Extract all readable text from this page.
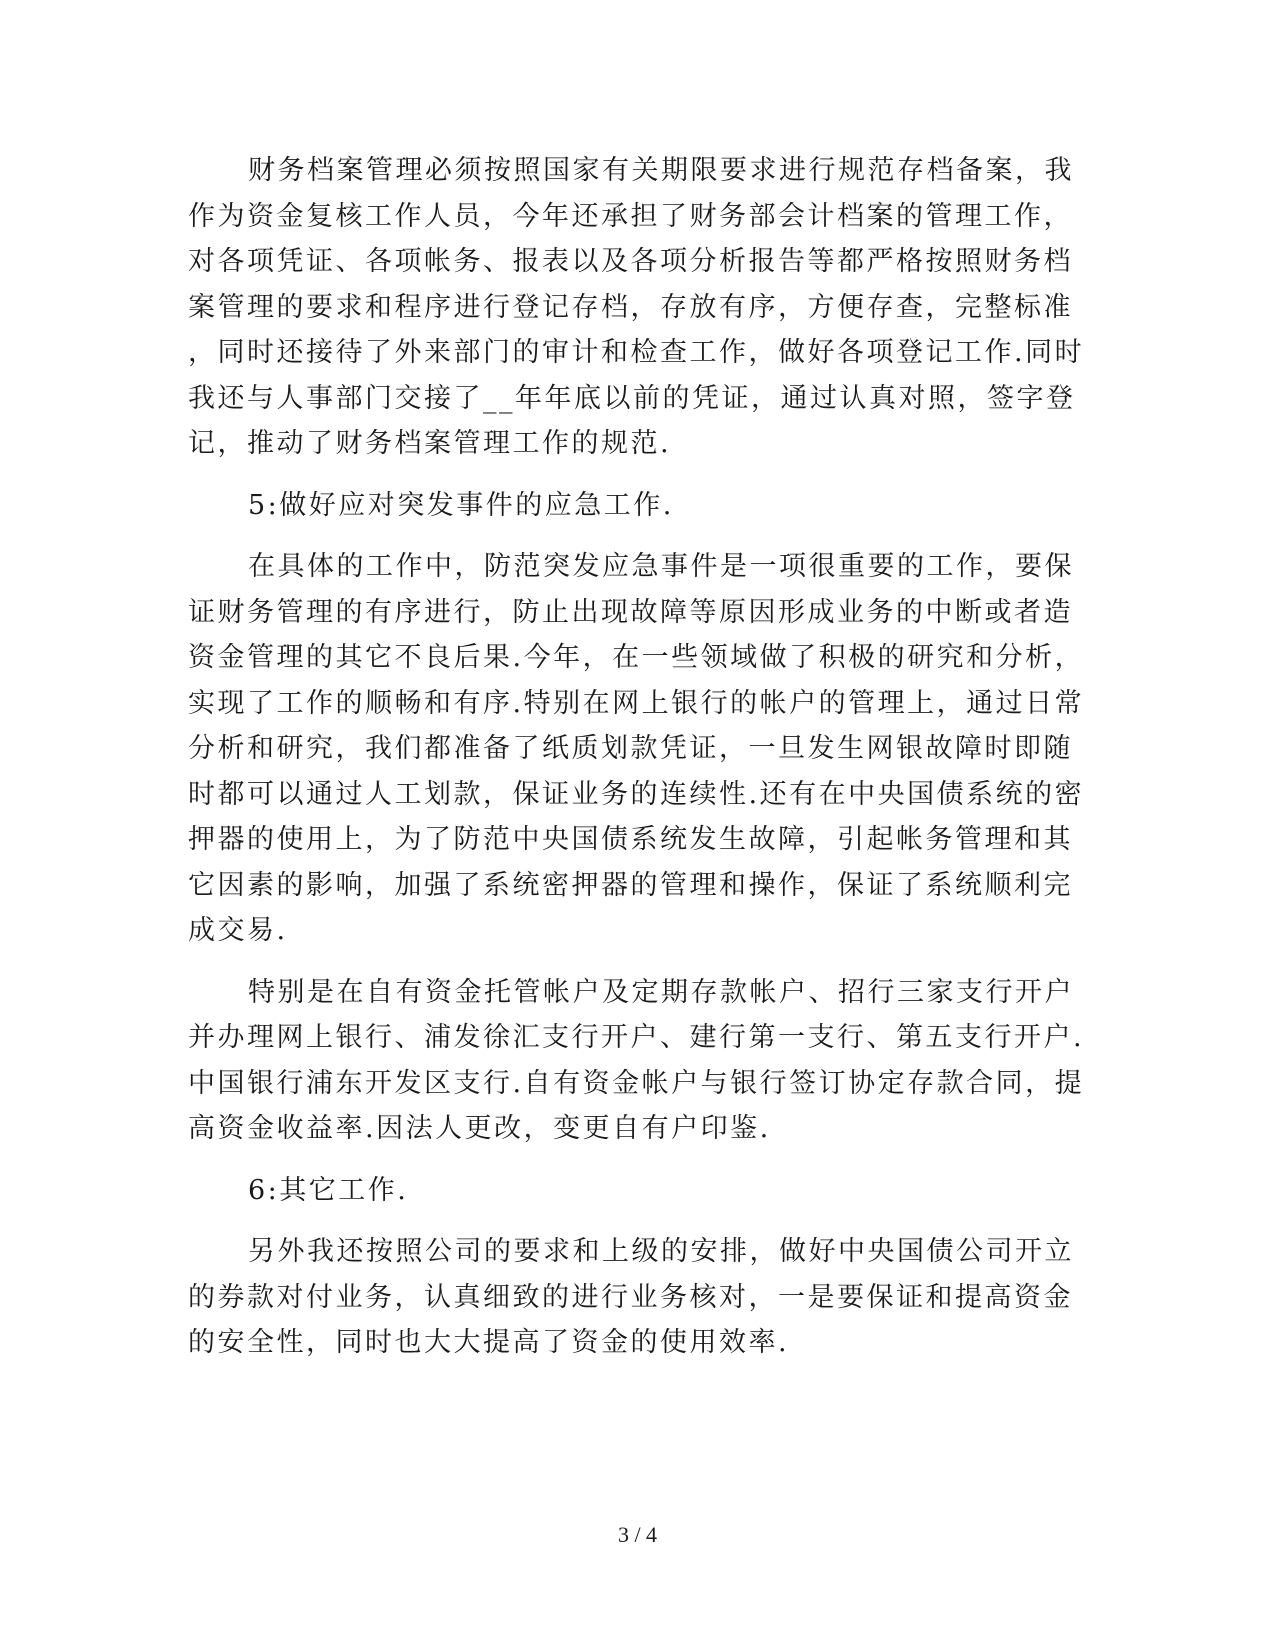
财务档案管理必须按照国家有关期限要求进行规范存档备案，我
作为资金复核工作人员，今年还承担了财务部会计档案的管理工作，
对各项凭证、各项帐务、报表以及各项分析报告等都严格按照财务档
案管理的要求和程序进行登记存档，存放有序，方便存查，完整标准
，同时还接待了外来部门的审计和检查工作，做好各项登记工作.同时
我还与人事部门交接了__年年底以前的凭证，通过认真对照，签字登
记，推动了财务档案管理工作的规范.
5:做好应对突发事件的应急工作.
在具体的工作中，防范突发应急事件是一项很重要的工作，要保
证财务管理的有序进行，防止出现故障等原因形成业务的中断或者造
资金管理的其它不良后果.今年，在一些领域做了积极的研究和分析，
实现了工作的顺畅和有序.特别在网上银行的帐户的管理上，通过日常
分析和研究，我们都准备了纸质划款凭证，一旦发生网银故障时即随
时都可以通过人工划款，保证业务的连续性.还有在中央国债系统的密
押器的使用上，为了防范中央国债系统发生故障，引起帐务管理和其
它因素的影响，加强了系统密押器的管理和操作，保证了系统顺利完
成交易.
特别是在自有资金托管帐户及定期存款帐户、招行三家支行开户
并办理网上银行、浦发徐汇支行开户、建行第一支行、第五支行开户.
中国银行浦东开发区支行.自有资金帐户与银行签订协定存款合同，提
高资金收益率.因法人更改，变更自有户印鉴.
6:其它工作.
另外我还按照公司的要求和上级的安排，做好中央国债公司开立
的券款对付业务，认真细致的进行业务核对，一是要保证和提高资金
的安全性，同时也大大提高了资金的使用效率.
3 / 4
